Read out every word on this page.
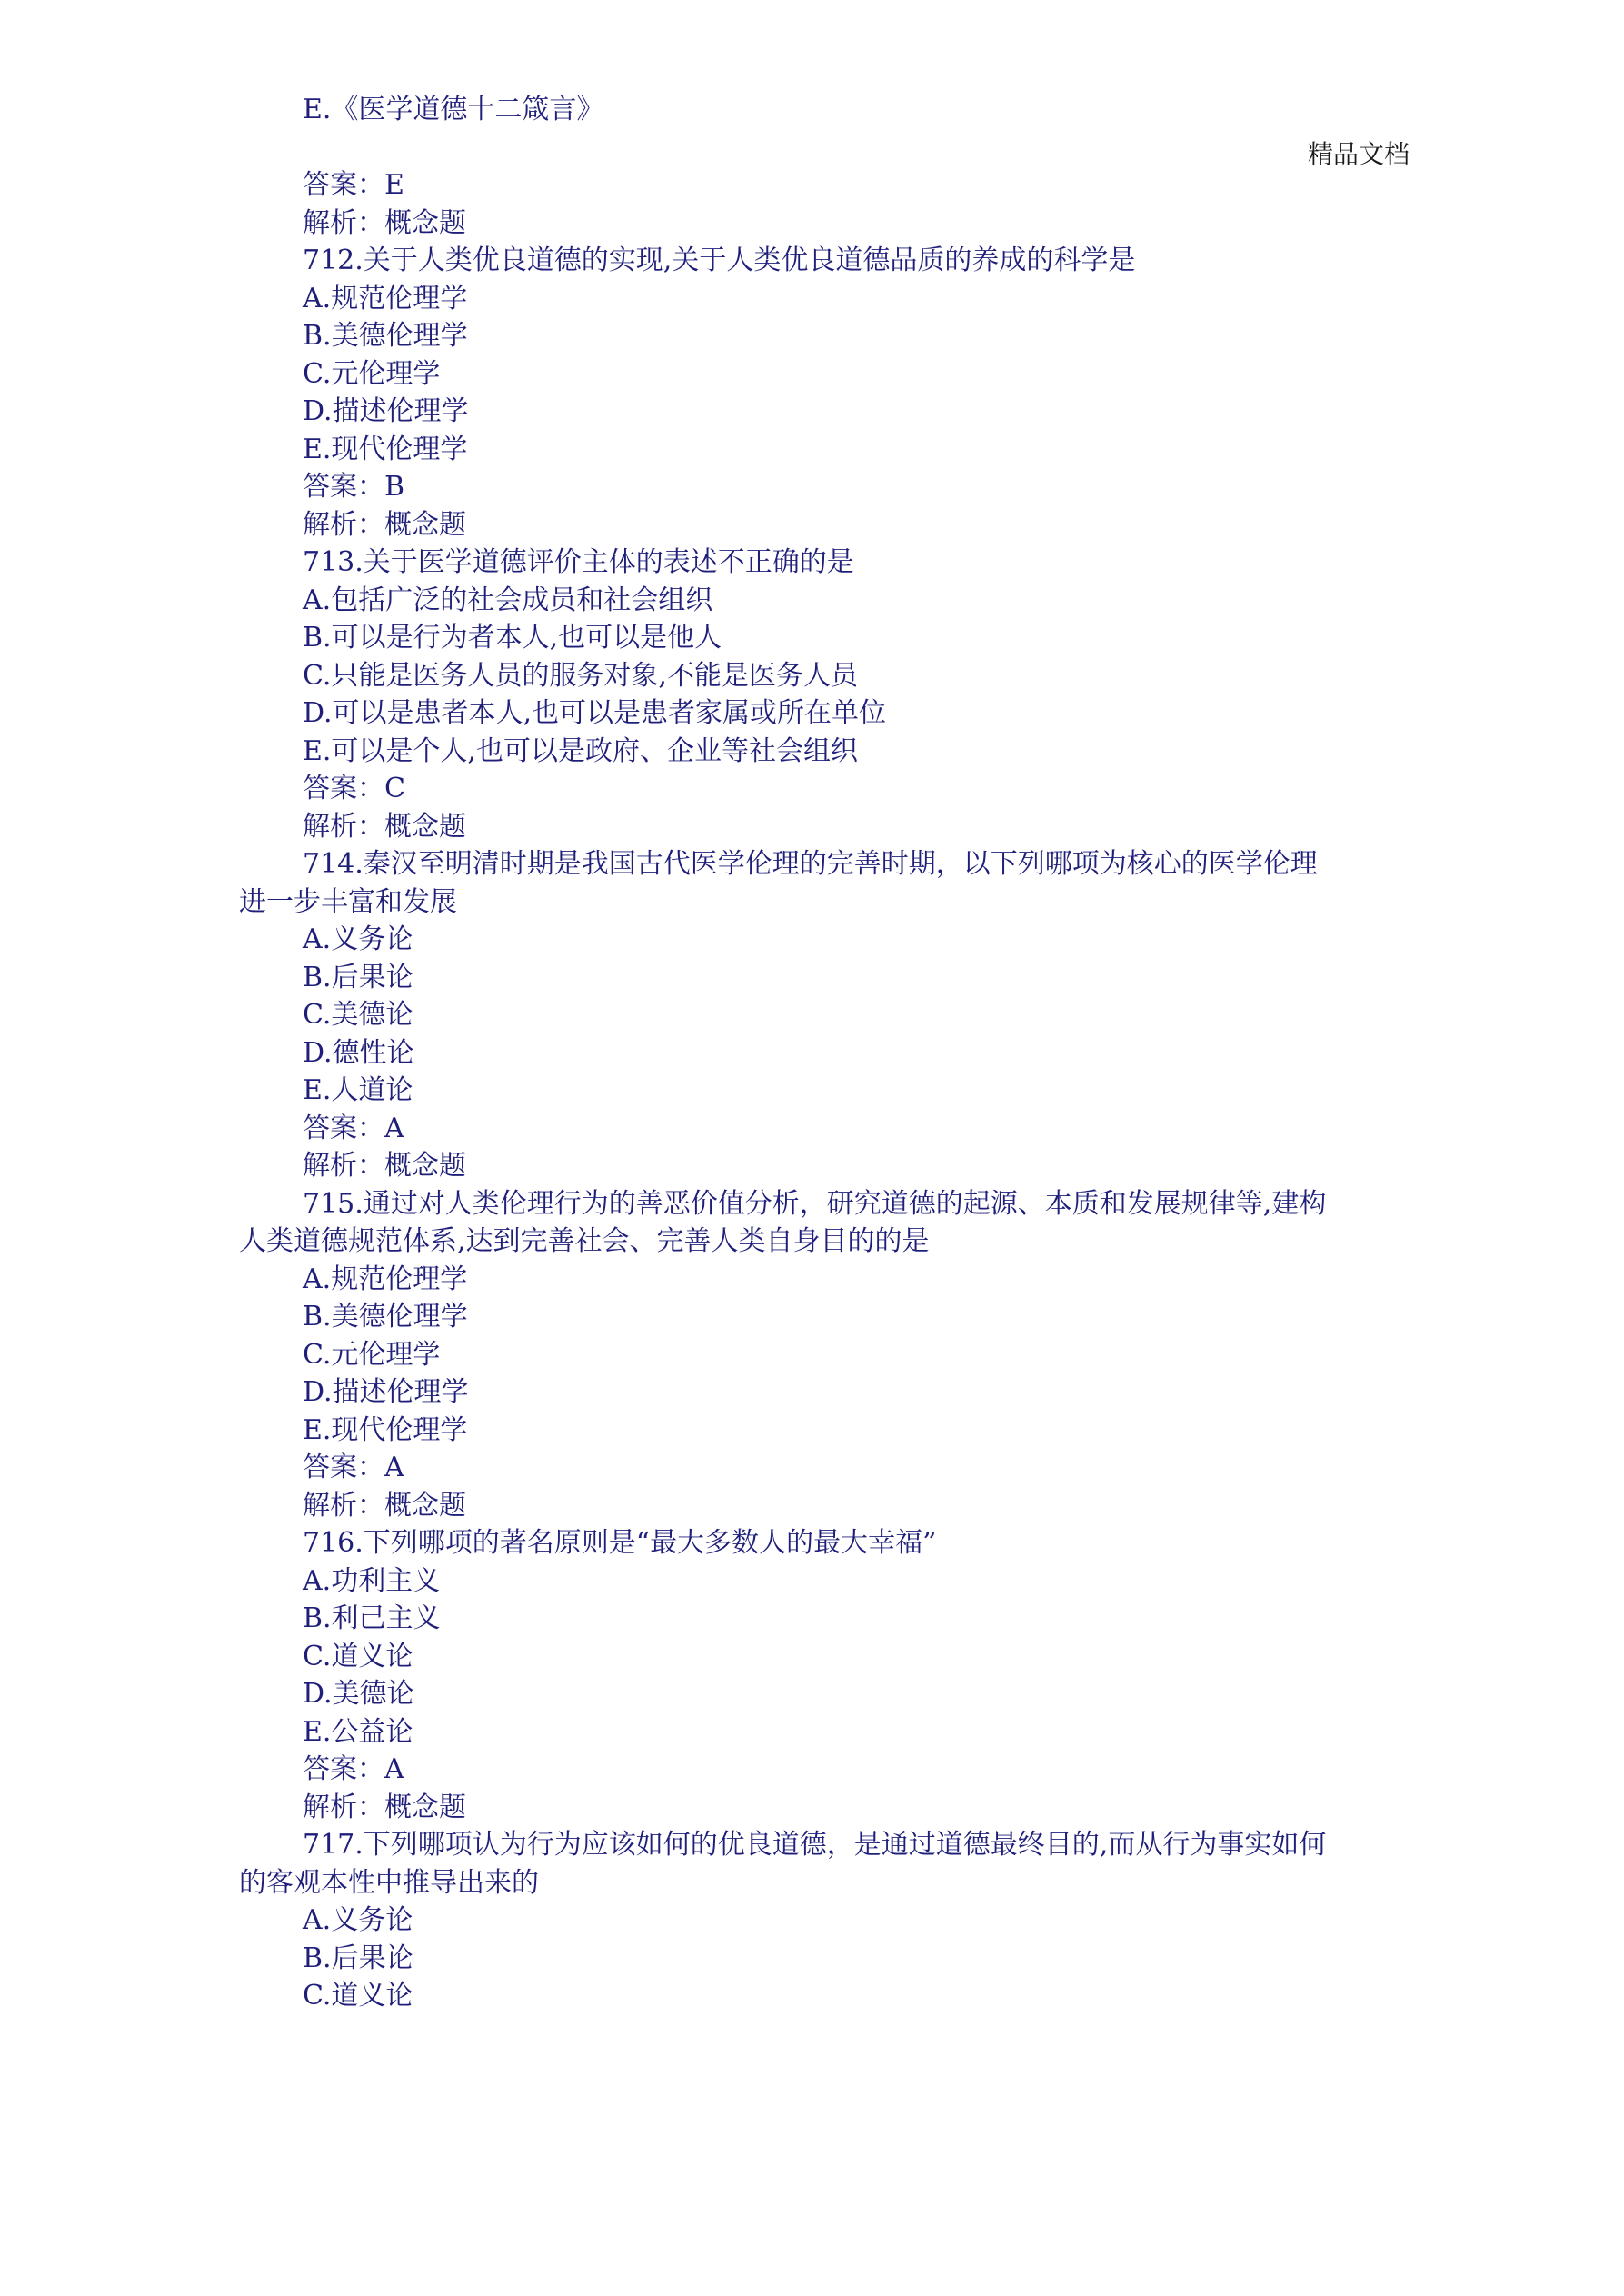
精品文档
E.《医学道德十二箴言》
答案：E
解析：概念题
712.关于人类优良道德的实现,关于人类优良道德品质的养成的科学是
A.规范伦理学
B.美德伦理学
C.元伦理学
D.描述伦理学
E.现代伦理学
答案：B
解析：概念题
713.关于医学道德评价主体的表述不正确的是
A.包括广泛的社会成员和社会组织
B.可以是行为者本人,也可以是他人
C.只能是医务人员的服务对象,不能是医务人员
D.可以是患者本人,也可以是患者家属或所在单位
E.可以是个人,也可以是政府、企业等社会组织
答案：C
解析：概念题
714.秦汉至明清时期是我国古代医学伦理的完善时期，以下列哪项为核心的医学伦理
进一步丰富和发展
A.义务论
B.后果论
C.美德论
D.德性论
E.人道论
答案：A
解析：概念题
715.通过对人类伦理行为的善恶价值分析，研究道德的起源、本质和发展规律等,建构
人类道德规范体系,达到完善社会、完善人类自身目的的是
A.规范伦理学
B.美德伦理学
C.元伦理学
D.描述伦理学
E.现代伦理学
答案：A
解析：概念题
716.下列哪项的著名原则是“最大多数人的最大幸福”
A.功利主义
B.利己主义
C.道义论
D.美德论
E.公益论
答案：A
解析：概念题
717.下列哪项认为行为应该如何的优良道德，是通过道德最终目的,而从行为事实如何
的客观本性中推导出来的
A.义务论
B.后果论
C.道义论
